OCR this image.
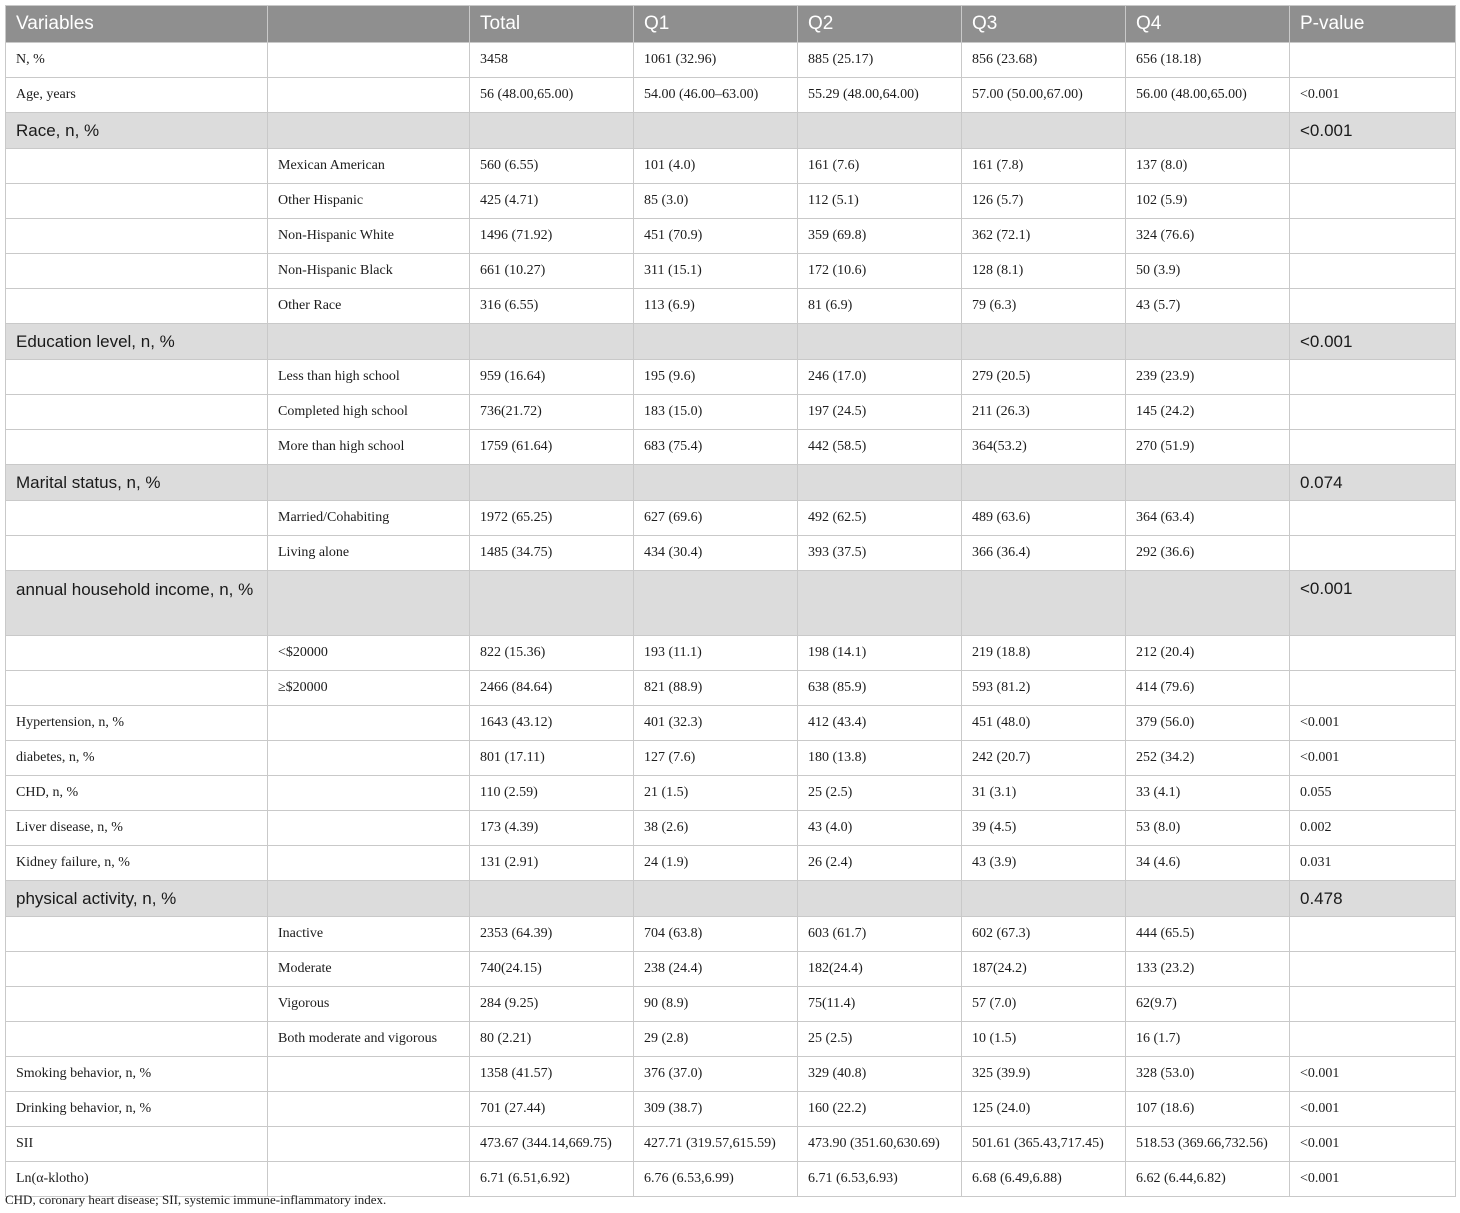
Variables		Total	Q1	Q2	Q3	Q4	P-value
N, %		3458	1061 (32.96)	885 (25.17)	856 (23.68)	656 (18.18)	
Age, years		56 (48.00,65.00)	54.00 (46.00–63.00)	55.29 (48.00,64.00)	57.00 (50.00,67.00)	56.00 (48.00,65.00)	<0.001
Race, n, %							<0.001
	Mexican American	560 (6.55)	101 (4.0)	161 (7.6)	161 (7.8)	137 (8.0)	
	Other Hispanic	425 (4.71)	85 (3.0)	112 (5.1)	126 (5.7)	102 (5.9)	
	Non-Hispanic White	1496 (71.92)	451 (70.9)	359 (69.8)	362 (72.1)	324 (76.6)	
	Non-Hispanic Black	661 (10.27)	311 (15.1)	172 (10.6)	128 (8.1)	50 (3.9)	
	Other Race	316 (6.55)	113 (6.9)	81 (6.9)	79 (6.3)	43 (5.7)	
Education level, n, %							<0.001
	Less than high school	959 (16.64)	195 (9.6)	246 (17.0)	279 (20.5)	239 (23.9)	
	Completed high school	736(21.72)	183 (15.0)	197 (24.5)	211 (26.3)	145 (24.2)	
	More than high school	1759 (61.64)	683 (75.4)	442 (58.5)	364(53.2)	270 (51.9)	
Marital status, n, %							0.074
	Married/Cohabiting	1972 (65.25)	627 (69.6)	492 (62.5)	489 (63.6)	364 (63.4)	
	Living alone	1485 (34.75)	434 (30.4)	393 (37.5)	366 (36.4)	292 (36.6)	
annual household income, n, %							<0.001
	<$20000	822 (15.36)	193 (11.1)	198 (14.1)	219 (18.8)	212 (20.4)	
	≥$20000	2466 (84.64)	821 (88.9)	638 (85.9)	593 (81.2)	414 (79.6)	
Hypertension, n, %		1643 (43.12)	401 (32.3)	412 (43.4)	451 (48.0)	379 (56.0)	<0.001
diabetes, n, %		801 (17.11)	127 (7.6)	180 (13.8)	242 (20.7)	252 (34.2)	<0.001
CHD, n, %		110 (2.59)	21 (1.5)	25 (2.5)	31 (3.1)	33 (4.1)	0.055
Liver disease, n, %		173 (4.39)	38 (2.6)	43 (4.0)	39 (4.5)	53 (8.0)	0.002
Kidney failure, n, %		131 (2.91)	24 (1.9)	26 (2.4)	43 (3.9)	34 (4.6)	0.031
physical activity, n, %							0.478
	Inactive	2353 (64.39)	704 (63.8)	603 (61.7)	602 (67.3)	444 (65.5)	
	Moderate	740(24.15)	238 (24.4)	182(24.4)	187(24.2)	133 (23.2)	
	Vigorous	284 (9.25)	90 (8.9)	75(11.4)	57 (7.0)	62(9.7)	
	Both moderate and vigorous	80 (2.21)	29 (2.8)	25 (2.5)	10 (1.5)	16 (1.7)	
Smoking behavior, n, %		1358 (41.57)	376 (37.0)	329 (40.8)	325 (39.9)	328 (53.0)	<0.001
Drinking behavior, n, %		701 (27.44)	309 (38.7)	160 (22.2)	125 (24.0)	107 (18.6)	<0.001
SII		473.67 (344.14,669.75)	427.71 (319.57,615.59)	473.90 (351.60,630.69)	501.61 (365.43,717.45)	518.53 (369.66,732.56)	<0.001
Ln(α-klotho)		6.71 (6.51,6.92)	6.76 (6.53,6.99)	6.71 (6.53,6.93)	6.68 (6.49,6.88)	6.62 (6.44,6.82)	<0.001
CHD, coronary heart disease; SII, systemic immune-inflammatory index.
